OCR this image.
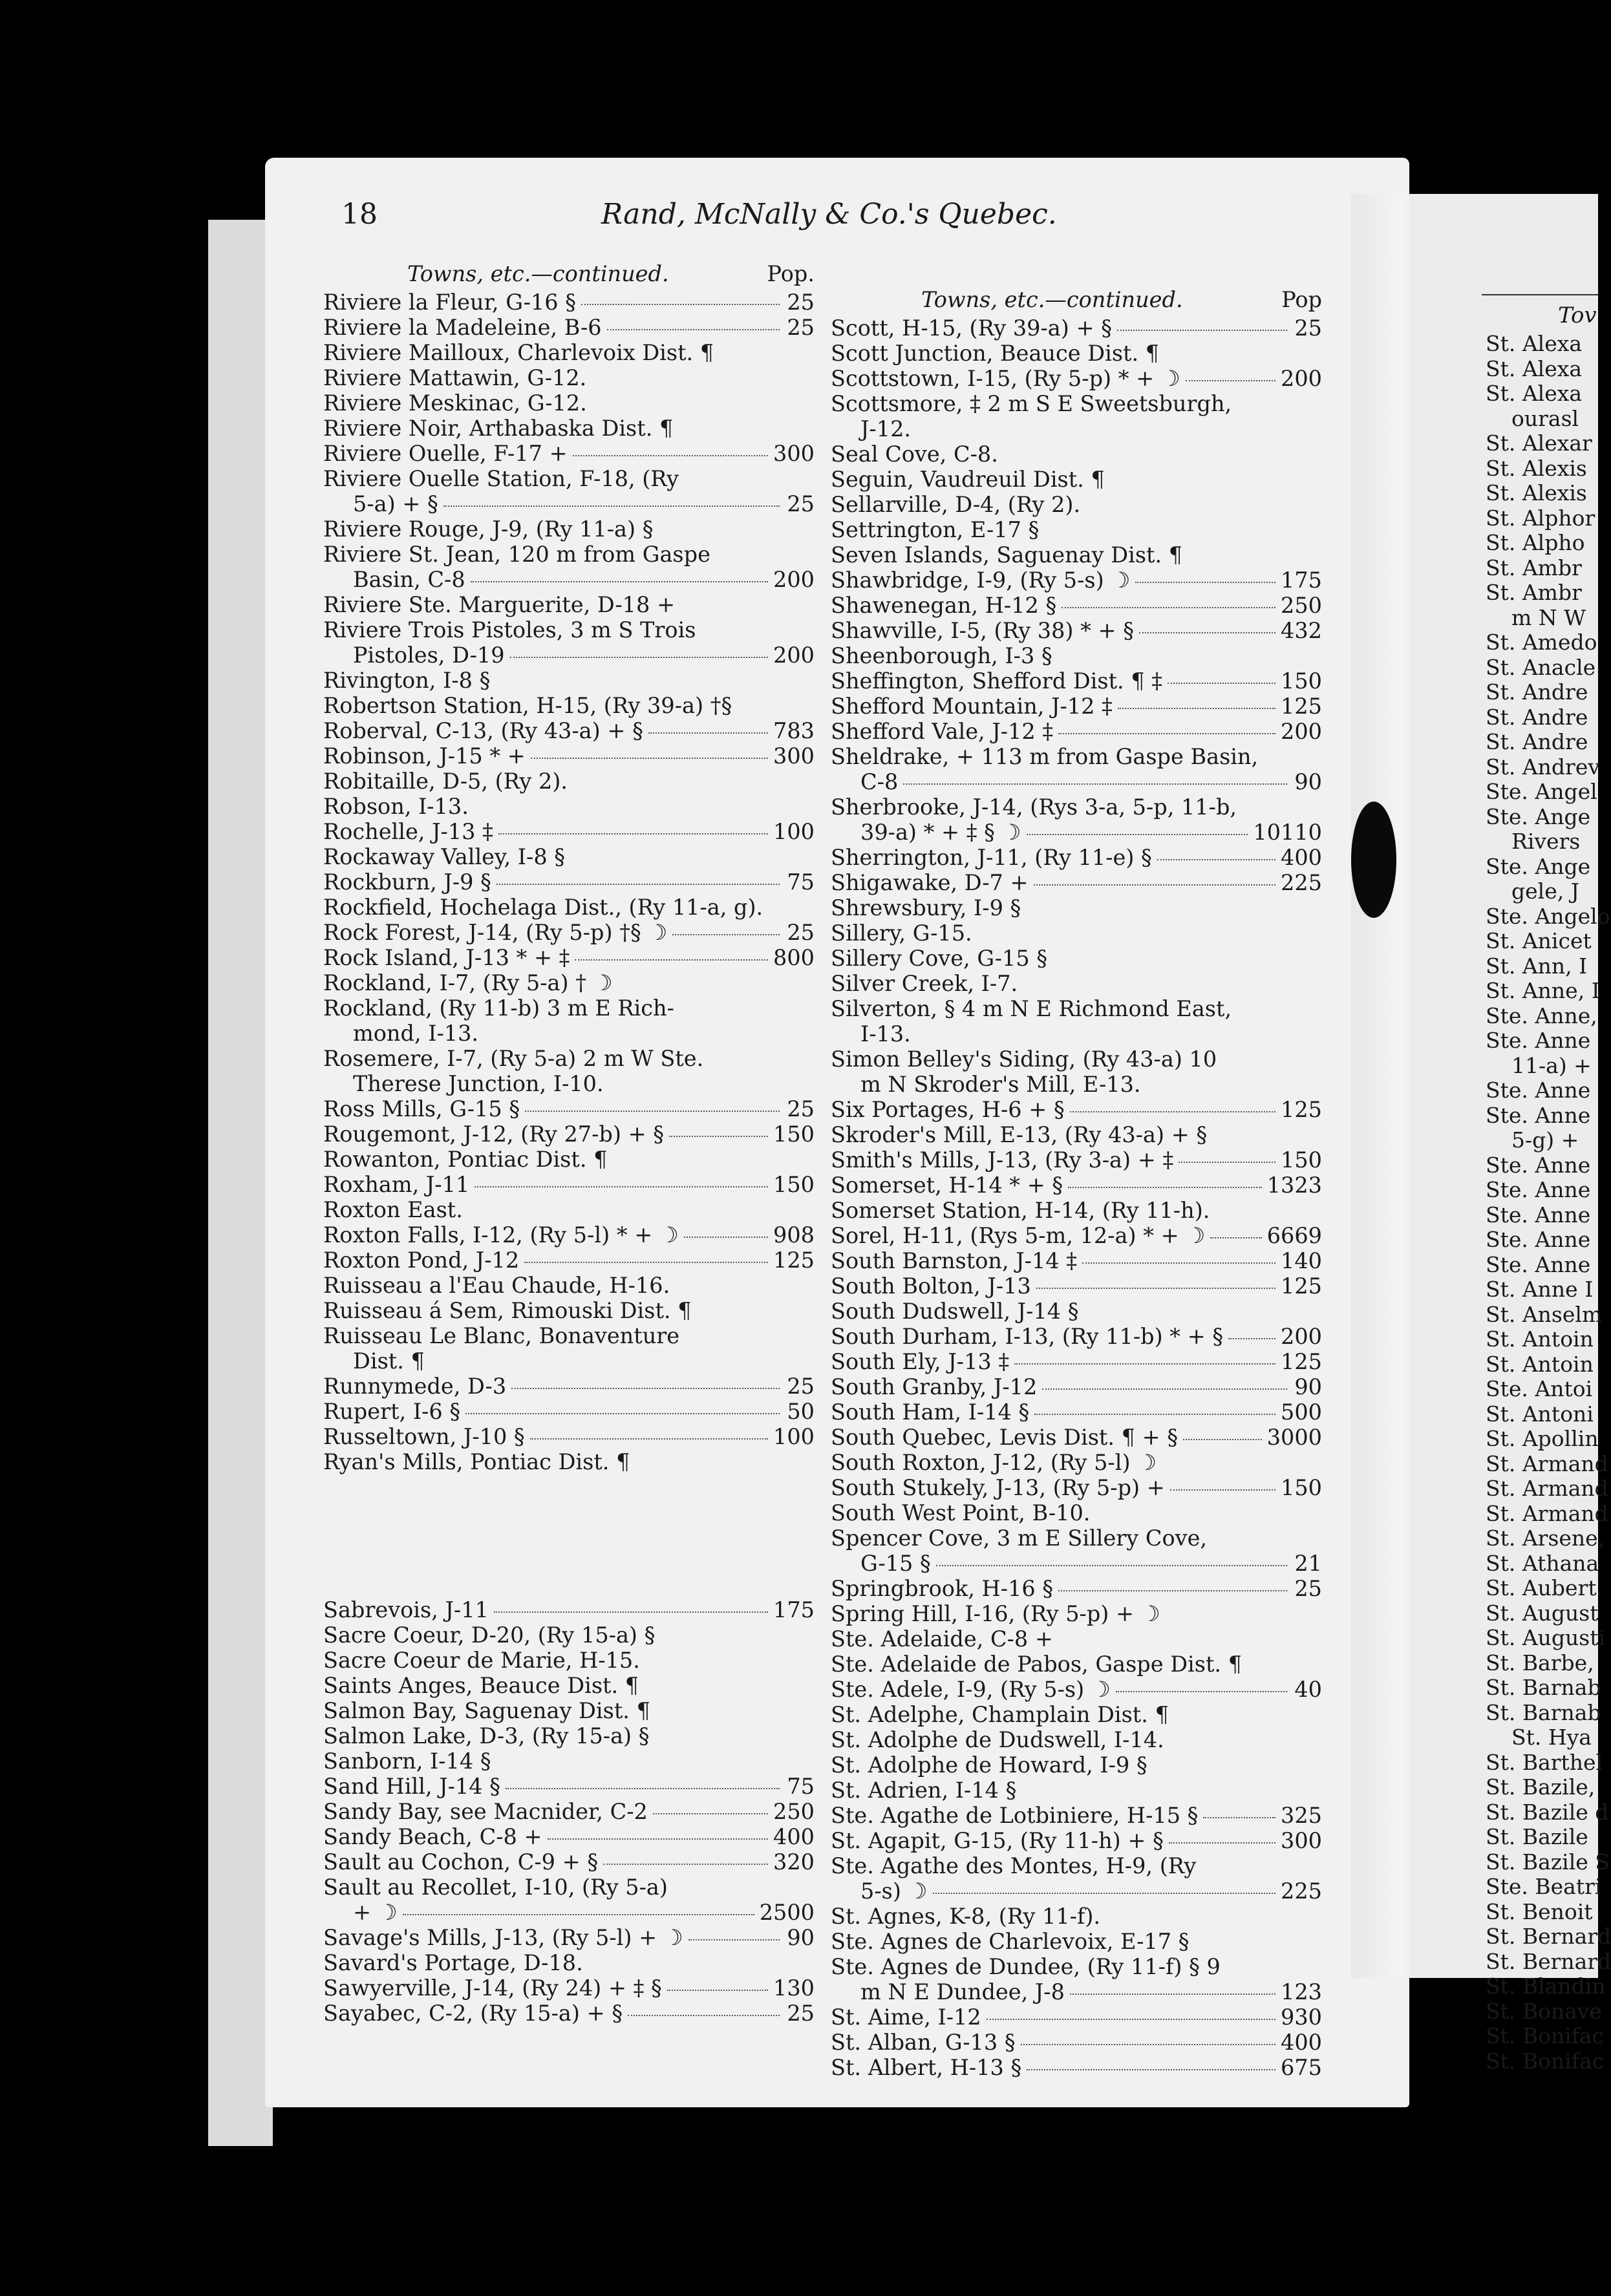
18	Rand, McNally & Co.'s Quebec.
Towns, etc.—continued.	Pop.
Riviere la Fleur, G-16 §	25
Riviere la Madeleine, B-6	25
Riviere Mailloux, Charlevoix Dist. ¶
Riviere Mattawin, G-12.
Riviere Meskinac, G-12.
Riviere Noir, Arthabaska Dist. ¶
Riviere Ouelle, F-17 +	300
Riviere Ouelle Station, F-18, (Ry
5-a) + §	25
Riviere Rouge, J-9, (Ry 11-a) §
Riviere St. Jean, 120 m from Gaspe
Basin, C-8	200
Riviere Ste. Marguerite, D-18 +
Riviere Trois Pistoles, 3 m S Trois
Pistoles, D-19	200
Rivington, I-8 §
Robertson Station, H-15, (Ry 39-a) †§
Roberval, C-13, (Ry 43-a) + §	783
Robinson, J-15 * +	300
Robitaille, D-5, (Ry 2).
Robson, I-13.
Rochelle, J-13 ‡	100
Rockaway Valley, I-8 §
Rockburn, J-9 §	75
Rockfield, Hochelaga Dist., (Ry 11-a, g).
Rock Forest, J-14, (Ry 5-p) †§ ☽	25
Rock Island, J-13 * + ‡	800
Rockland, I-7, (Ry 5-a) † ☽
Rockland, (Ry 11-b) 3 m E Rich-
mond, I-13.
Rosemere, I-7, (Ry 5-a) 2 m W Ste.
Therese Junction, I-10.
Ross Mills, G-15 §	25
Rougemont, J-12, (Ry 27-b) + §	150
Rowanton, Pontiac Dist. ¶
Roxham, J-11	150
Roxton East.
Roxton Falls, I-12, (Ry 5-l) * + ☽	908
Roxton Pond, J-12	125
Ruisseau a l'Eau Chaude, H-16.
Ruisseau á Sem, Rimouski Dist. ¶
Ruisseau Le Blanc, Bonaventure
Dist. ¶
Runnymede, D-3	25
Rupert, I-6 §	50
Russeltown, J-10 §	100
Ryan's Mills, Pontiac Dist. ¶
Sabrevois, J-11	175
Sacre Coeur, D-20, (Ry 15-a) §
Sacre Coeur de Marie, H-15.
Saints Anges, Beauce Dist. ¶
Salmon Bay, Saguenay Dist. ¶
Salmon Lake, D-3, (Ry 15-a) §
Sanborn, I-14 §
Sand Hill, J-14 §	75
Sandy Bay, see Macnider, C-2	250
Sandy Beach, C-8 +	400
Sault au Cochon, C-9 + §	320
Sault au Recollet, I-10, (Ry 5-a)
+ ☽	2500
Savage's Mills, J-13, (Ry 5-l) + ☽	90
Savard's Portage, D-18.
Sawyerville, J-14, (Ry 24) + ‡ §	130
Sayabec, C-2, (Ry 15-a) + §	25
Towns, etc.—continued.	Pop
Scott, H-15, (Ry 39-a) + §	25
Scott Junction, Beauce Dist. ¶
Scottstown, I-15, (Ry 5-p) * + ☽	200
Scottsmore, ‡ 2 m S E Sweetsburgh,
J-12.
Seal Cove, C-8.
Seguin, Vaudreuil Dist. ¶
Sellarville, D-4, (Ry 2).
Settrington, E-17 §
Seven Islands, Saguenay Dist. ¶
Shawbridge, I-9, (Ry 5-s) ☽	175
Shawenegan, H-12 §	250
Shawville, I-5, (Ry 38) * + §	432
Sheenborough, I-3 §
Sheffington, Shefford Dist. ¶ ‡	150
Shefford Mountain, J-12 ‡	125
Shefford Vale, J-12 ‡	200
Sheldrake, + 113 m from Gaspe Basin,
C-8	90
Sherbrooke, J-14, (Rys 3-a, 5-p, 11-b,
39-a) * + ‡ § ☽	10110
Sherrington, J-11, (Ry 11-e) §	400
Shigawake, D-7 +	225
Shrewsbury, I-9 §
Sillery, G-15.
Sillery Cove, G-15 §
Silver Creek, I-7.
Silverton, § 4 m N E Richmond East,
I-13.
Simon Belley's Siding, (Ry 43-a) 10
m N Skroder's Mill, E-13.
Six Portages, H-6 + §	125
Skroder's Mill, E-13, (Ry 43-a) + §
Smith's Mills, J-13, (Ry 3-a) + ‡	150
Somerset, H-14 * + §	1323
Somerset Station, H-14, (Ry 11-h).
Sorel, H-11, (Rys 5-m, 12-a) * + ☽	6669
South Barnston, J-14 ‡	140
South Bolton, J-13	125
South Dudswell, J-14 §
South Durham, I-13, (Ry 11-b) * + §	200
South Ely, J-13 ‡	125
South Granby, J-12	90
South Ham, I-14 §	500
South Quebec, Levis Dist. ¶ + §	3000
South Roxton, J-12, (Ry 5-l) ☽
South Stukely, J-13, (Ry 5-p) +	150
South West Point, B-10.
Spencer Cove, 3 m E Sillery Cove,
G-15 §	21
Springbrook, H-16 §	25
Spring Hill, I-16, (Ry 5-p) + ☽
Ste. Adelaide, C-8 +
Ste. Adelaide de Pabos, Gaspe Dist. ¶
Ste. Adele, I-9, (Ry 5-s) ☽	40
St. Adelphe, Champlain Dist. ¶
St. Adolphe de Dudswell, I-14.
St. Adolphe de Howard, I-9 §
St. Adrien, I-14 §
Ste. Agathe de Lotbiniere, H-15 §	325
St. Agapit, G-15, (Ry 11-h) + §	300
Ste. Agathe des Montes, H-9, (Ry
5-s) ☽	225
St. Agnes, K-8, (Ry 11-f).
Ste. Agnes de Charlevoix, E-17 §
Ste. Agnes de Dundee, (Ry 11-f) § 9
m N E Dundee, J-8	123
St. Aime, I-12	930
St. Alban, G-13 §	400
St. Albert, H-13 §	675
Tov
St. Alexa
St. Alexa
St. Alexa
ourasl
St. Alexar
St. Alexis
St. Alexis
St. Alphor
St. Alpho
St. Ambr
St. Ambr
m N W
St. Amedo
St. Anacle
St. Andre
St. Andre
St. Andre
St. Andrev
Ste. Angel
Ste. Ange
Rivers
Ste. Ange
gele, J
Ste. Angelo
St. Anicet
St. Ann, I
St. Anne, I
Ste. Anne,
Ste. Anne
11-a) +
Ste. Anne
Ste. Anne
5-g) +
Ste. Anne
Ste. Anne
Ste. Anne
Ste. Anne
Ste. Anne
St. Anne I
St. Anselm
St. Antoin
St. Antoin
Ste. Antoi
St. Antoni
St. Apollin
St. Armand
St. Armand
St. Armand
St. Arsene,
St. Athana
St. Aubert
St. August
St. Augusti
St. Barbe,
St. Barnab
St. Barnab
St. Hya
St. Barthel
St. Bazile,
St. Bazile d
St. Bazile
St. Bazile S
Ste. Beatri
St. Benoit
St. Bernard
St. Bernard
St. Blandin
St. Bonave
St. Bonifac
St. Bonifac
